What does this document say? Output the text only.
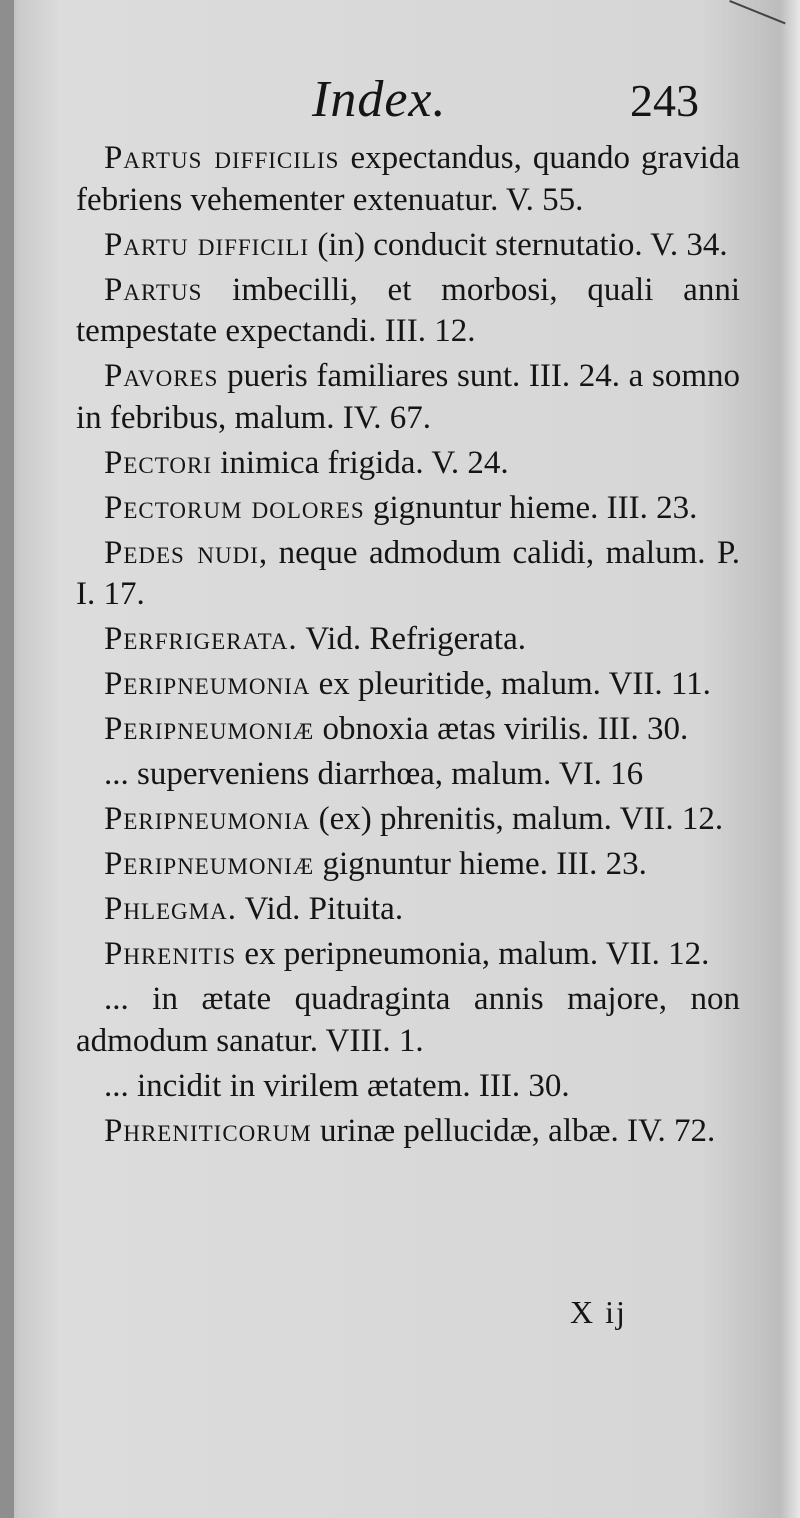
Index.	243

Partus difficilis expectandus, quando gravida febriens vehementer extenuatur. V. 55.

Partu difficili (in) conducit sternutatio. V. 34.

Partus imbecilli, et morbosi, quali anni tempestate expectandi. III. 12.

Pavores pueris familiares sunt. III. 24. a somno in febribus, malum. IV. 67.

Pectori inimica frigida. V. 24.

Pectorum dolores gignuntur hieme. III. 23.

Pedes nudi, neque admodum calidi, malum. P. I. 17.

Perfrigerata. Vid. Refrigerata.

Peripneumonia ex pleuritide, malum. VII. 11.

Peripneumoniæ obnoxia ætas virilis. III. 30.

... superveniens diarrhœa, malum. VI. 16

Peripneumonia (ex) phrenitis, malum. VII. 12.

Peripneumoniæ gignuntur hieme. III. 23.

Phlegma. Vid. Pituita.

Phrenitis ex peripneumonia, malum. VII. 12.

... in ætate quadraginta annis majore, non admodum sanatur. VIII. 1.

... incidit in virilem ætatem. III. 30.

Phreniticorum urinæ pellucidæ, albæ. IV. 72.

X ij
